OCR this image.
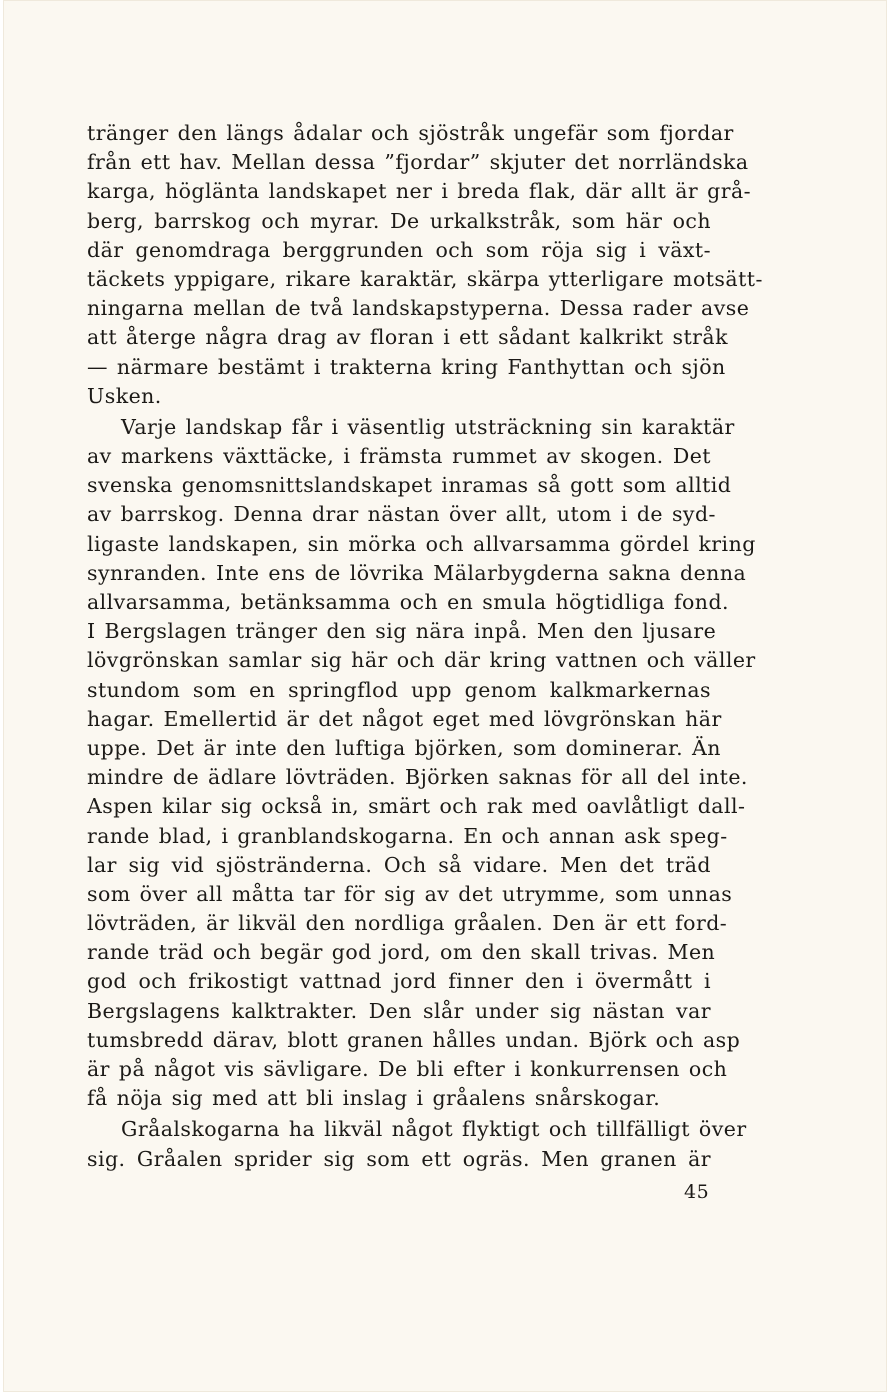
tränger den längs ådalar och sjöstråk ungefär som fjordar
från ett hav. Mellan dessa ”fjordar” skjuter det norrländska
karga, höglänta landskapet ner i breda flak, där allt är grå-
berg, barrskog och myrar. De urkalkstråk, som här och
där genomdraga berggrunden och som röja sig i växt-
täckets yppigare, rikare karaktär, skärpa ytterligare motsätt-
ningarna mellan de två landskapstyperna. Dessa rader avse
att återge några drag av floran i ett sådant kalkrikt stråk
— närmare bestämt i trakterna kring Fanthyttan och sjön
Usken.
Varje landskap får i väsentlig utsträckning sin karaktär
av markens växttäcke, i främsta rummet av skogen. Det
svenska genomsnittslandskapet inramas så gott som alltid
av barrskog. Denna drar nästan över allt, utom i de syd-
ligaste landskapen, sin mörka och allvarsamma gördel kring
synranden. Inte ens de lövrika Mälarbygderna sakna denna
allvarsamma, betänksamma och en smula högtidliga fond.
I Bergslagen tränger den sig nära inpå. Men den ljusare
lövgrönskan samlar sig här och där kring vattnen och väller
stundom som en springflod upp genom kalkmarkernas
hagar. Emellertid är det något eget med lövgrönskan här
uppe. Det är inte den luftiga björken, som dominerar. Än
mindre de ädlare lövträden. Björken saknas för all del inte.
Aspen kilar sig också in, smärt och rak med oavlåtligt dall-
rande blad, i granblandskogarna. En och annan ask speg-
lar sig vid sjöstränderna. Och så vidare. Men det träd
som över all måtta tar för sig av det utrymme, som unnas
lövträden, är likväl den nordliga gråalen. Den är ett ford-
rande träd och begär god jord, om den skall trivas. Men
god och frikostigt vattnad jord finner den i övermått i
Bergslagens kalktrakter. Den slår under sig nästan var
tumsbredd därav, blott granen hålles undan. Björk och asp
är på något vis sävligare. De bli efter i konkurrensen och
få nöja sig med att bli inslag i gråalens snårskogar.
Gråalskogarna ha likväl något flyktigt och tillfälligt över
sig. Gråalen sprider sig som ett ogräs. Men granen är
45
